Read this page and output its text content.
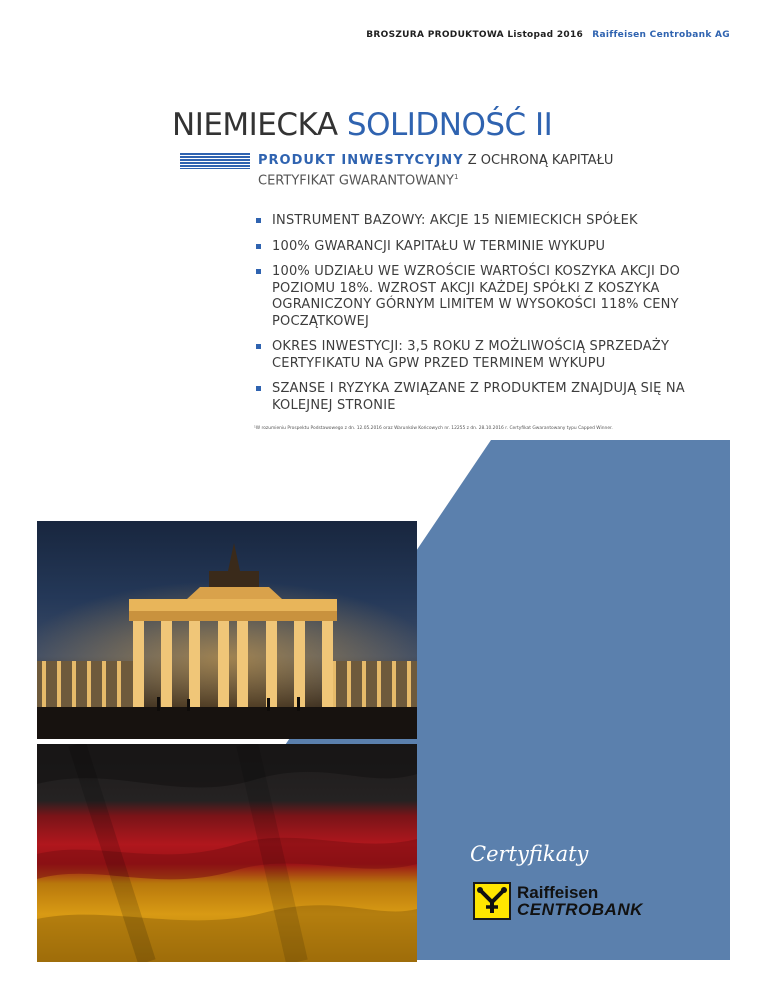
BROSZURA PRODUKTOWA Listopad 2016 Raiffeisen Centrobank AG
NIEMIECKA SOLIDNOŚĆ II
PRODUKT INWESTYCYJNY Z OCHRONĄ KAPITAŁU
CERTYFIKAT GWARANTOWANY$^1$
INSTRUMENT BAZOWY: AKCJE 15 NIEMIECKICH SPÓŁEK
100% GWARANCJI KAPITAŁU W TERMINIE WYKUPU
100% UDZIAŁU WE WZROŚCIE WARTOŚCI KOSZYKA AKCJI DO POZIOMU 18%. WZROST AKCJI KAŻDEJ SPÓŁKI Z KOSZYKA OGRANICZONY GÓRNYM LIMITEM W WYSOKOŚCI 118% CENY POCZĄTKOWEJ
OKRES INWESTYCJI: 3,5 ROKU Z MOŻLIWOŚCIĄ SPRZEDAŻY CERTYFIKATU NA GPW PRZED TERMINEM WYKUPU
SZANSE I RYZYKA ZWIĄZANE Z PRODUKTEM ZNAJDUJĄ SIĘ NA KOLEJNEJ STRONIE
¹W rozumieniu Prospektu Podstawowego z dn. 12.05.2016 oraz Warunków Końcowych nr. 12255 z dn. 28.10.2016 r. Certyfikat Gwarantowany typu Capped Winner.
Certyfikaty
Raiffeisen
CENTROBANK
